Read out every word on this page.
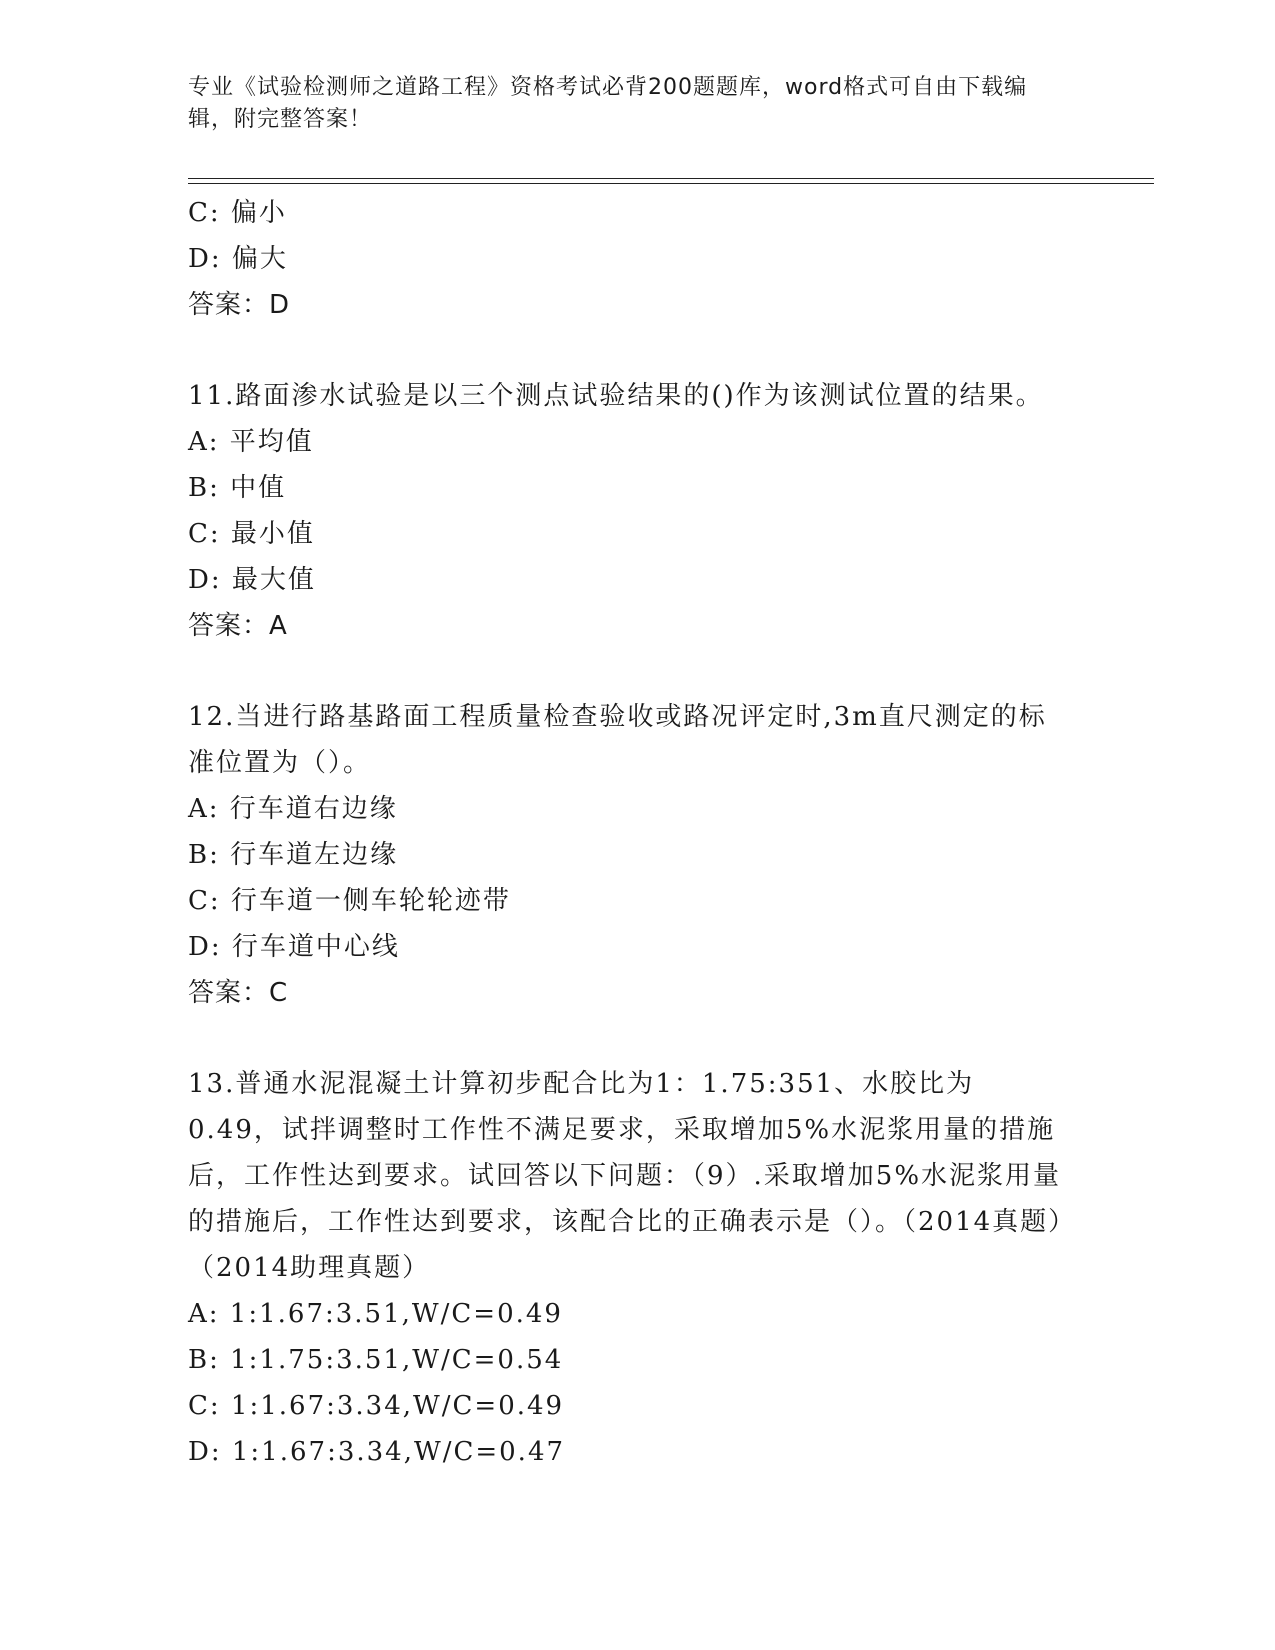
专业《试验检测师之道路工程》资格考试必背200题题库，word格式可自由下载编辑，附完整答案！
C: 偏小
D: 偏大
答案：D
11.路面渗水试验是以三个测点试验结果的()作为该测试位置的结果。
A: 平均值
B: 中值
C: 最小值
D: 最大值
答案：A
12.当进行路基路面工程质量检查验收或路况评定时,3m直尺测定的标准位置为（）。
A: 行车道右边缘
B: 行车道左边缘
C: 行车道一侧车轮轮迹带
D: 行车道中心线
答案：C
13.普通水泥混凝土计算初步配合比为1：1.75:351、水胶比为0.49，试拌调整时工作性不满足要求，采取增加5%水泥浆用量的措施后，工作性达到要求。试回答以下问题：（9）.采取增加5%水泥浆用量的措施后，工作性达到要求，该配合比的正确表示是（）。（2014真题）（2014助理真题）
A: 1:1.67:3.51,W/C=0.49
B: 1:1.75:3.51,W/C=0.54
C: 1:1.67:3.34,W/C=0.49
D: 1:1.67:3.34,W/C=0.47
